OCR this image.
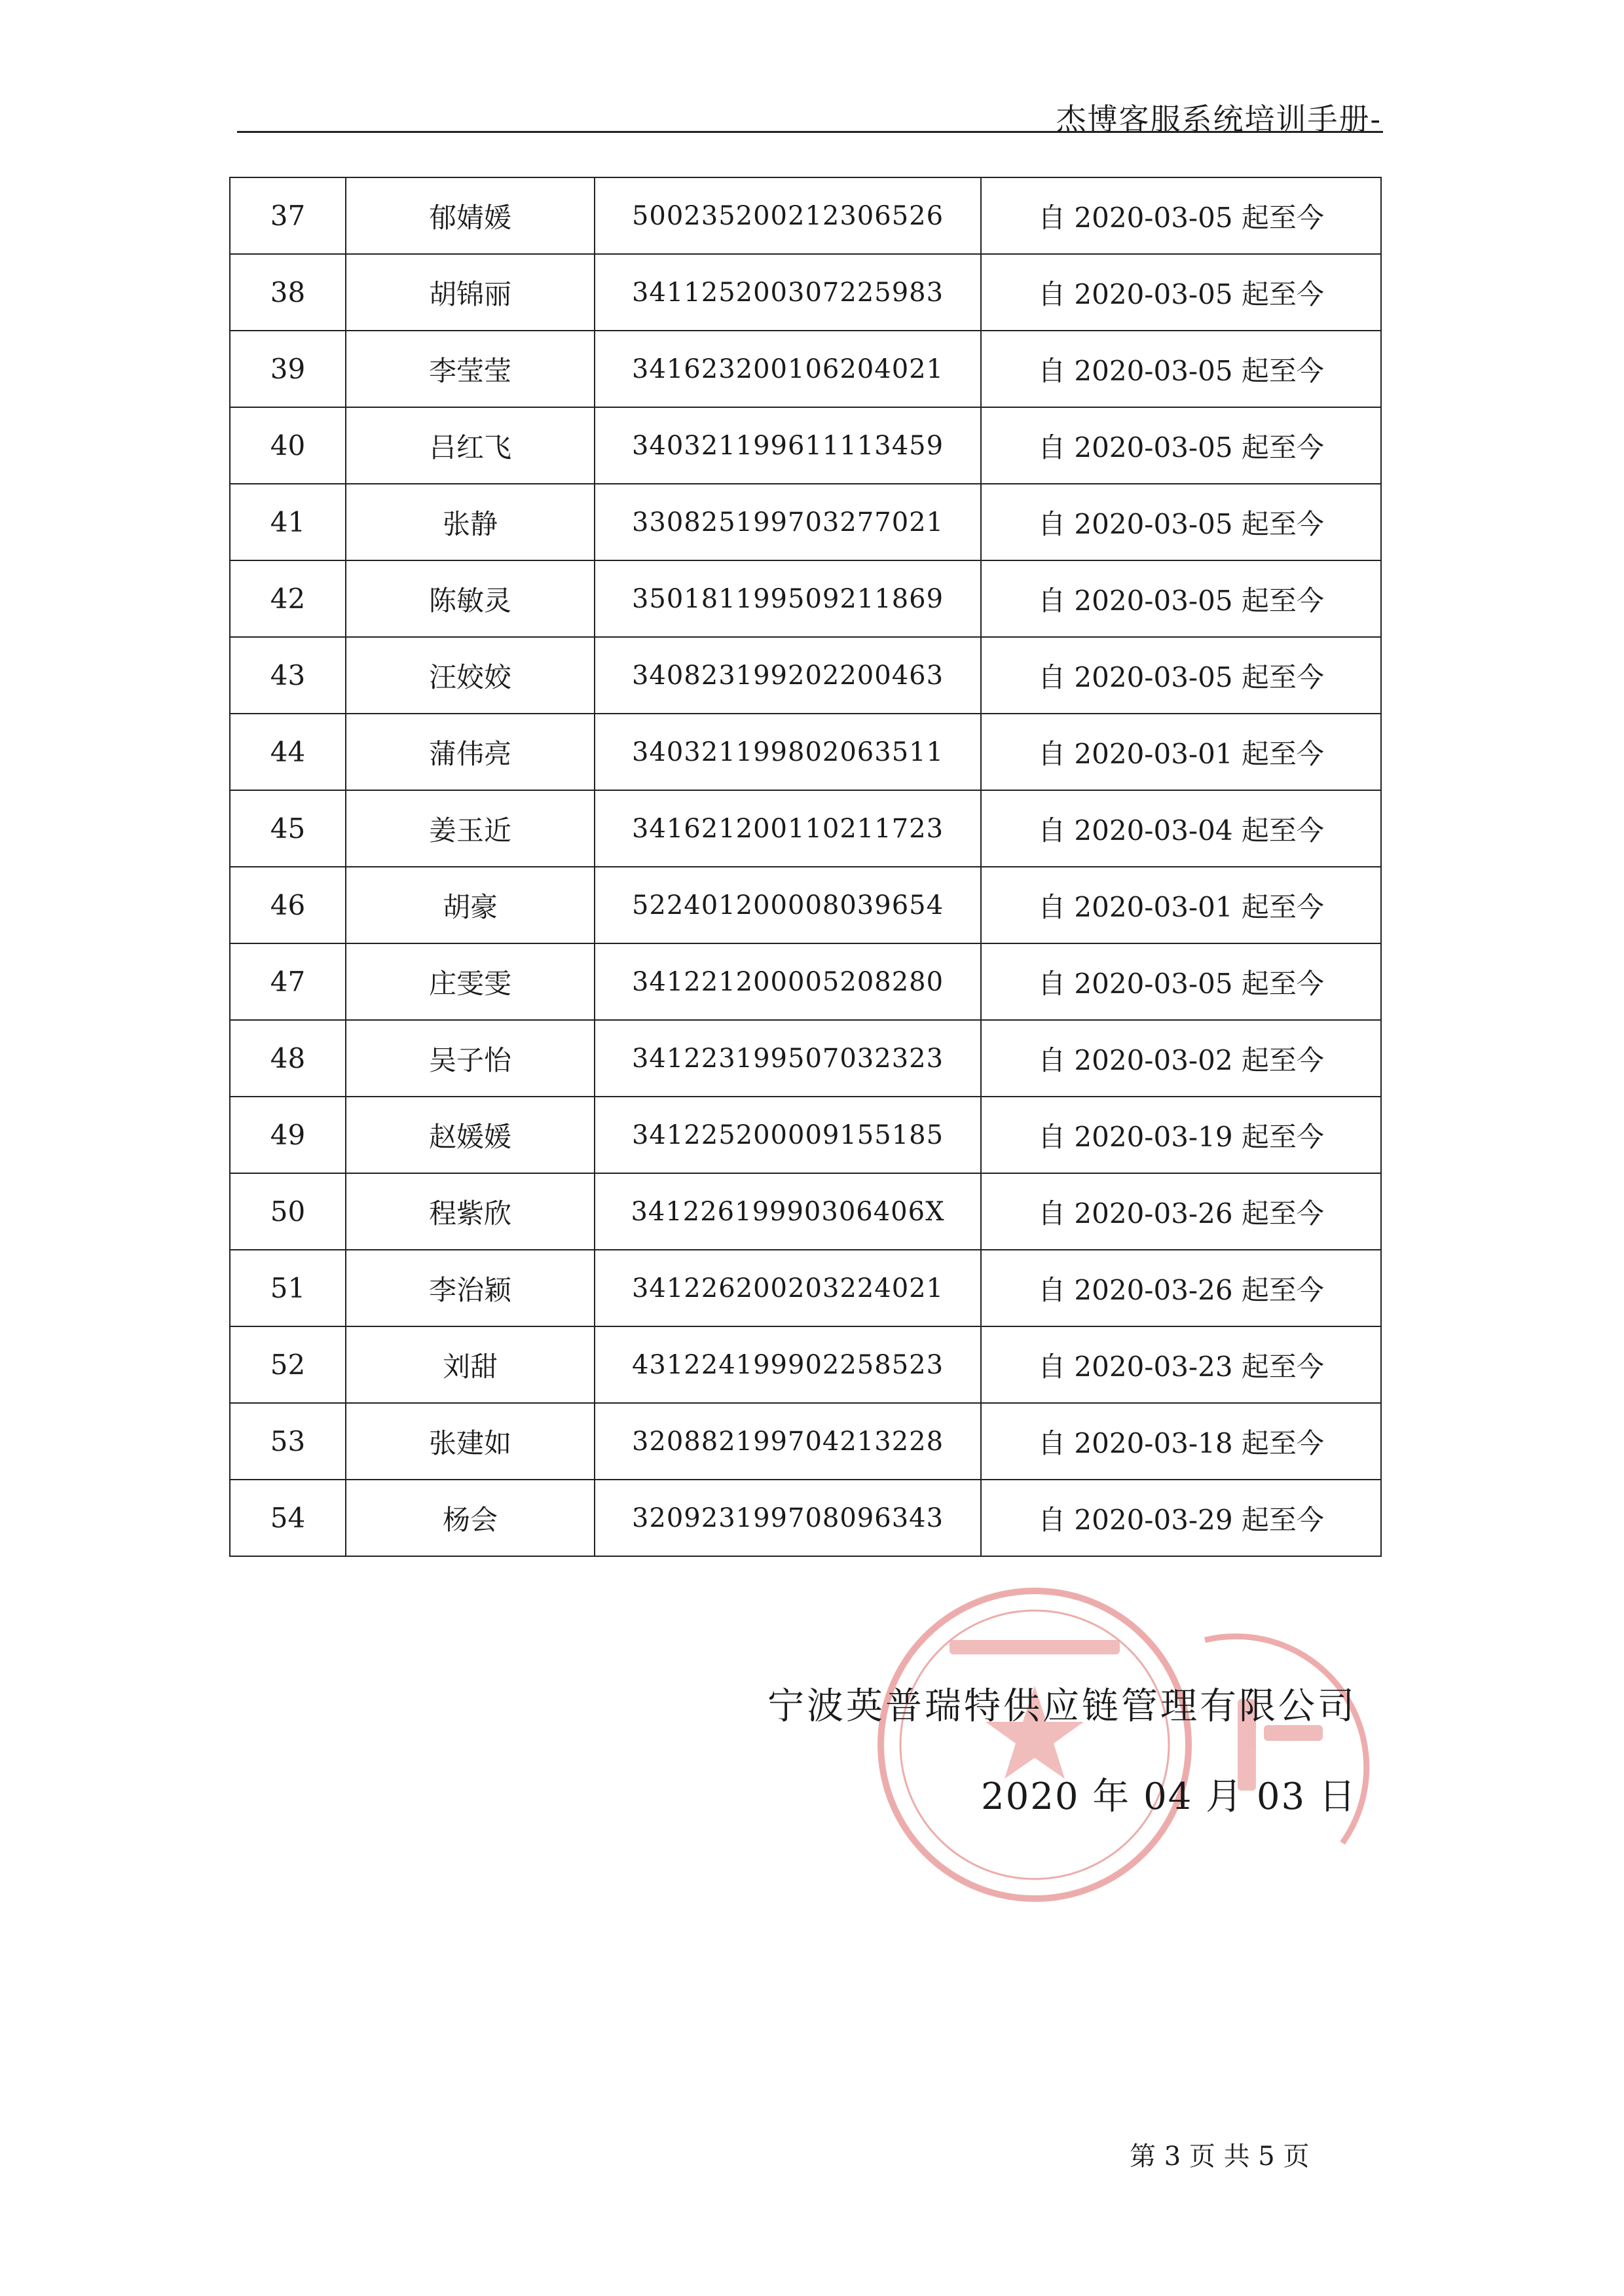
杰博客服系统培训手册-
37	郁婧媛	500235200212306526	自 2020-03-05 起至今
38	胡锦丽	341125200307225983	自 2020-03-05 起至今
39	李莹莹	341623200106204021	自 2020-03-05 起至今
40	吕红飞	340321199611113459	自 2020-03-05 起至今
41	张静	330825199703277021	自 2020-03-05 起至今
42	陈敏灵	350181199509211869	自 2020-03-05 起至今
43	汪姣姣	340823199202200463	自 2020-03-05 起至今
44	蒲伟亮	340321199802063511	自 2020-03-01 起至今
45	姜玉近	341621200110211723	自 2020-03-04 起至今
46	胡豪	522401200008039654	自 2020-03-01 起至今
47	庄雯雯	341221200005208280	自 2020-03-05 起至今
48	吴子怡	341223199507032323	自 2020-03-02 起至今
49	赵媛媛	341225200009155185	自 2020-03-19 起至今
50	程紫欣	34122619990306406X	自 2020-03-26 起至今
51	李治颖	341226200203224021	自 2020-03-26 起至今
52	刘甜	431224199902258523	自 2020-03-23 起至今
53	张建如	320882199704213228	自 2020-03-18 起至今
54	杨会	320923199708096343	自 2020-03-29 起至今
宁波英普瑞特供应链管理有限公司
2020 年 04 月 03 日
第 3 页 共 5 页
